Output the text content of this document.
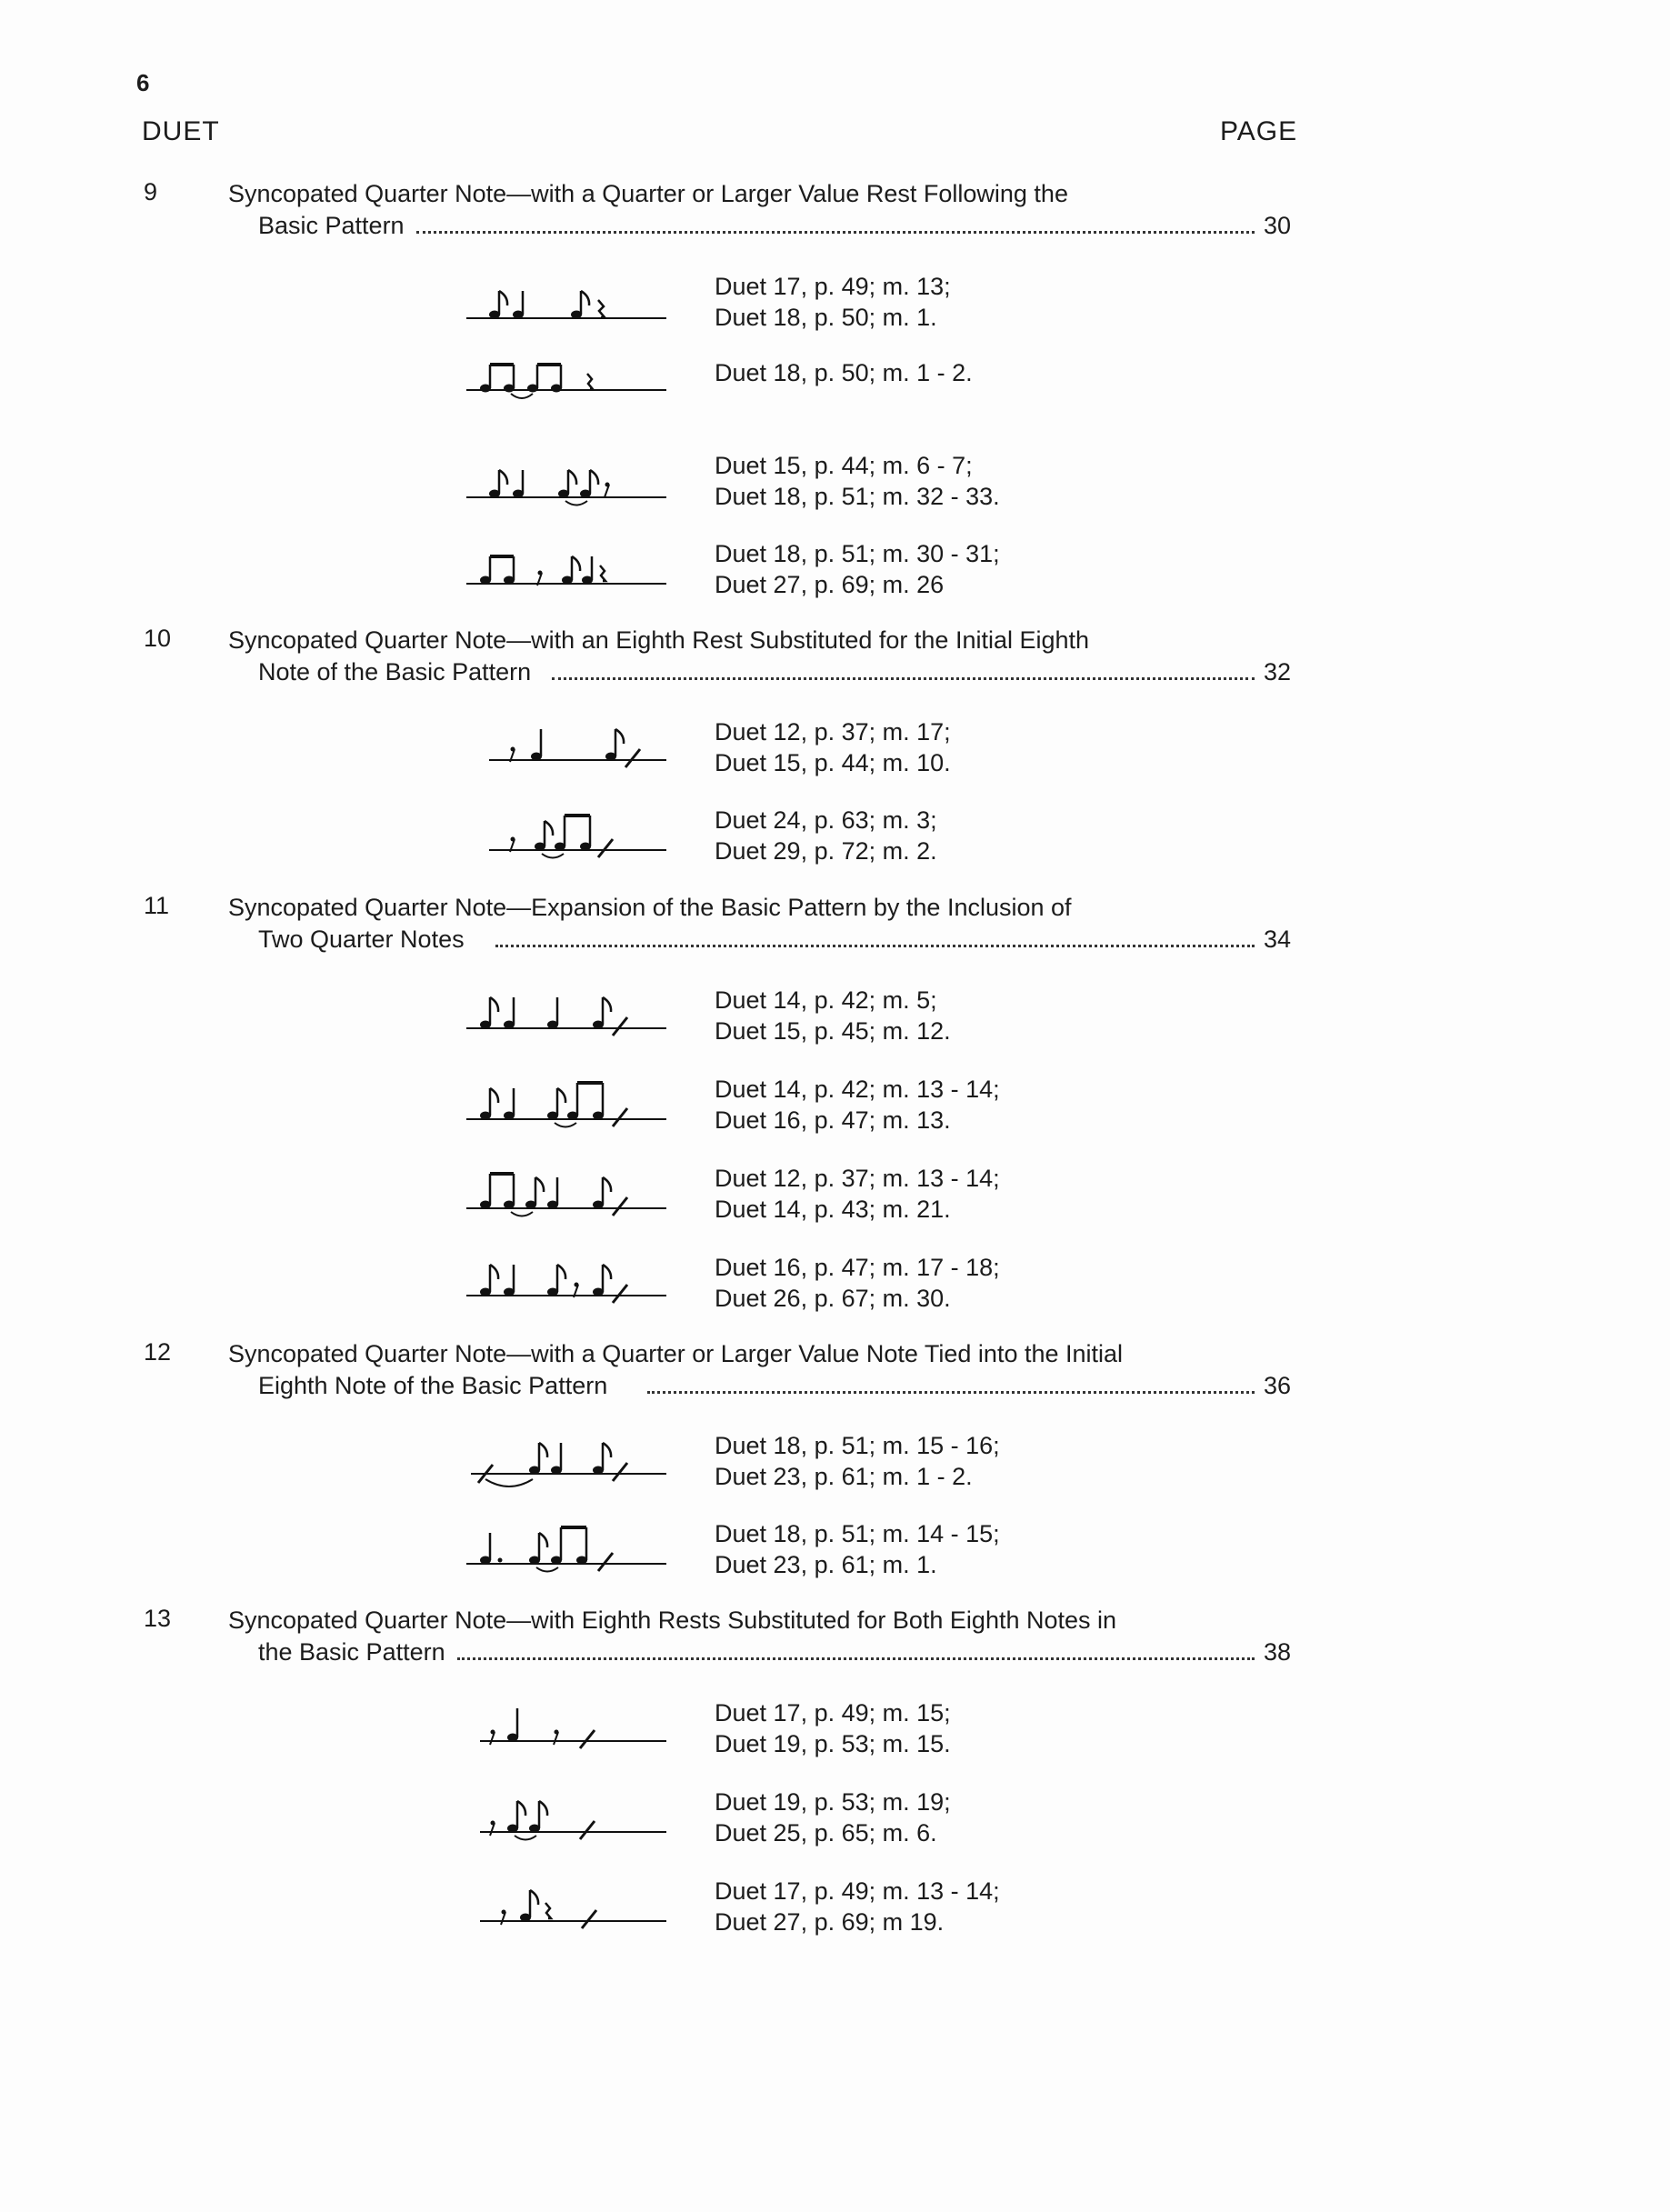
6
DUET	PAGE
9	Syncopated Quarter Note—with a Quarter or Larger Value Rest Following the
Basic Pattern	30
Duet 17, p. 49; m. 13;
Duet 18, p. 50; m. 1.
Duet 18, p. 50; m. 1 - 2.
Duet 15, p. 44; m. 6 - 7;
Duet 18, p. 51; m. 32 - 33.
Duet 18, p. 51; m. 30 - 31;
Duet 27, p. 69; m. 26
10	Syncopated Quarter Note—with an Eighth Rest Substituted for the Initial Eighth
Note of the Basic Pattern	32
Duet 12, p. 37; m. 17;
Duet 15, p. 44; m. 10.
Duet 24, p. 63; m. 3;
Duet 29, p. 72; m. 2.
11	Syncopated Quarter Note—Expansion of the Basic Pattern by the Inclusion of
Two Quarter Notes	34
Duet 14, p. 42; m. 5;
Duet 15, p. 45; m. 12.
Duet 14, p. 42; m. 13 - 14;
Duet 16, p. 47; m. 13.
Duet 12, p. 37; m. 13 - 14;
Duet 14, p. 43; m. 21.
Duet 16, p. 47; m. 17 - 18;
Duet 26, p. 67; m. 30.
12	Syncopated Quarter Note—with a Quarter or Larger Value Note Tied into the Initial
Eighth Note of the Basic Pattern	36
Duet 18, p. 51; m. 15 - 16;
Duet 23, p. 61; m. 1 - 2.
Duet 18, p. 51; m. 14 - 15;
Duet 23, p. 61; m. 1.
13	Syncopated Quarter Note—with Eighth Rests Substituted for Both Eighth Notes in
the Basic Pattern	38
Duet 17, p. 49; m. 15;
Duet 19, p. 53; m. 15.
Duet 19, p. 53; m. 19;
Duet 25, p. 65; m. 6.
Duet 17, p. 49; m. 13 - 14;
Duet 27, p. 69; m 19.
